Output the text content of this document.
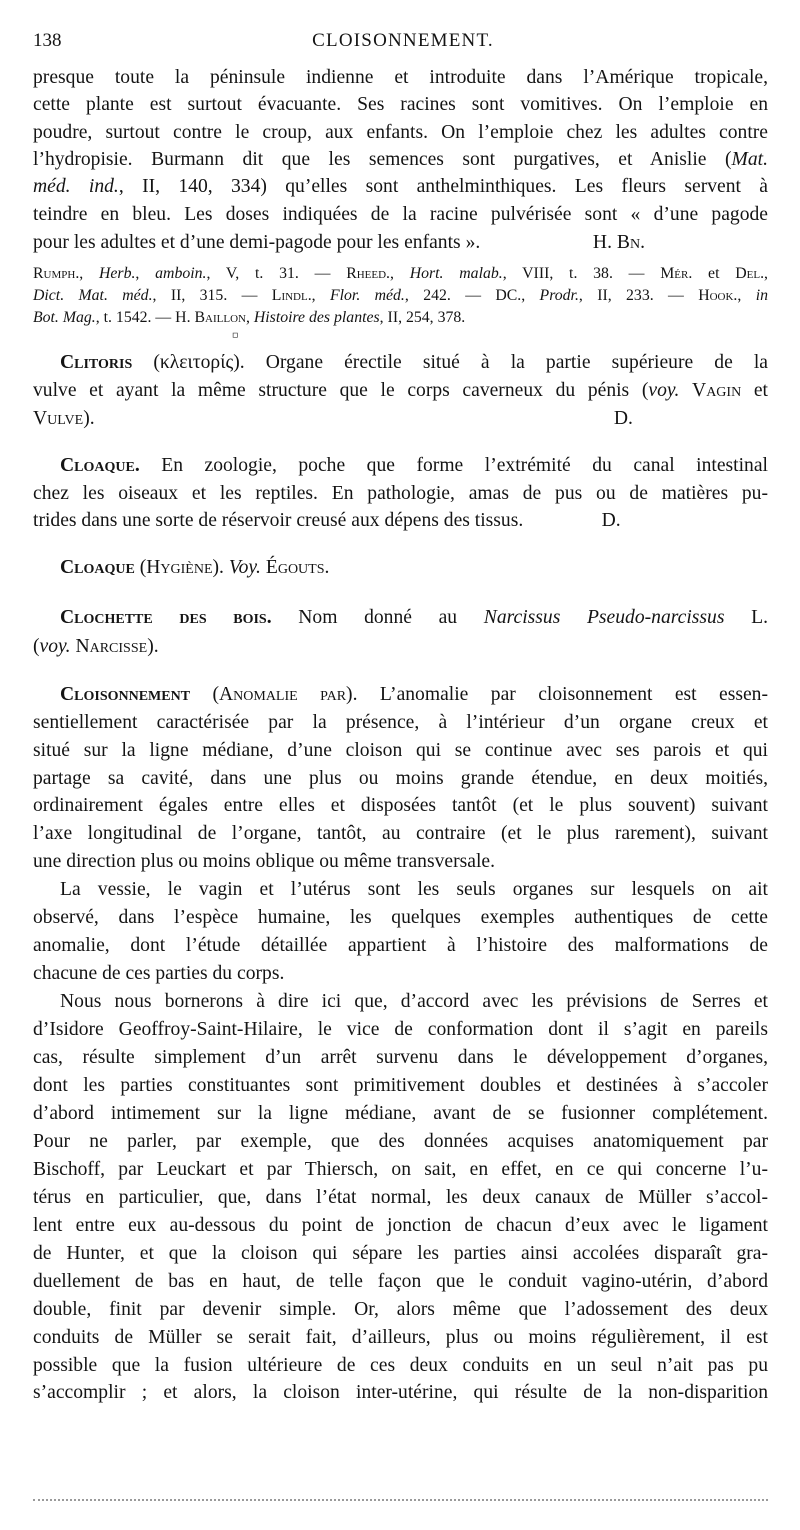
138	CLOISONNEMENT.
presque toute la péninsule indienne et introduite dans l’Amérique tropicale,
cette plante est surtout évacuante. Ses racines sont vomitives. On l’emploie en
poudre, surtout contre le croup, aux enfants. On l’emploie chez les adultes contre
l’hydropisie. Burmann dit que les semences sont purgatives, et Anislie (Mat.
méd. ind., II, 140, 334) qu’elles sont anthelminthiques. Les fleurs servent à
teindre en bleu. Les doses indiquées de la racine pulvérisée sont « d’une pagode
pour les adultes et d’une demi-pagode pour les enfants ».                       H. Bn.
Rumph., Herb., amboin., V, t. 31. — Rheed., Hort. malab., VIII, t. 38. — Mér. et Del.,
Dict. Mat. méd., II, 315. — Lindl., Flor. méd., 242. — DC., Prodr., II, 233. — Hook., in
Bot. Mag., t. 1542. — H. Baillon, Histoire des plantes, II, 254, 378.
Clitoris (κλειτορίς). Organe érectile situé à la partie supérieure de la
vulve et ayant la même structure que le corps caverneux du pénis (voy. Vagin et
Vulve).                                                                                                          D.
Cloaque. En zoologie, poche que forme l’extrémité du canal intestinal
chez les oiseaux et les reptiles. En pathologie, amas de pus ou de matières pu-
trides dans une sorte de réservoir creusé aux dépens des tissus.                D.
Cloaque (Hygiène). Voy. Égouts.
Clochette des bois. Nom donné au Narcissus Pseudo-narcissus L.
(voy. Narcisse).
Cloisonnement (Anomalie par). L’anomalie par cloisonnement est essen-
sentiellement caractérisée par la présence, à l’intérieur d’un organe creux et
situé sur la ligne médiane, d’une cloison qui se continue avec ses parois et qui
partage sa cavité, dans une plus ou moins grande étendue, en deux moitiés,
ordinairement égales entre elles et disposées tantôt (et le plus souvent) suivant
l’axe longitudinal de l’organe, tantôt, au contraire (et le plus rarement), suivant
une direction plus ou moins oblique ou même transversale.
La vessie, le vagin et l’utérus sont les seuls organes sur lesquels on ait
observé, dans l’espèce humaine, les quelques exemples authentiques de cette
anomalie, dont l’étude détaillée appartient à l’histoire des malformations de
chacune de ces parties du corps.
Nous nous bornerons à dire ici que, d’accord avec les prévisions de Serres et
d’Isidore Geoffroy-Saint-Hilaire, le vice de conformation dont il s’agit en pareils
cas, résulte simplement d’un arrêt survenu dans le développement d’organes,
dont les parties constituantes sont primitivement doubles et destinées à s’accoler
d’abord intimement sur la ligne médiane, avant de se fusionner complétement.
Pour ne parler, par exemple, que des données acquises anatomiquement par
Bischoff, par Leuckart et par Thiersch, on sait, en effet, en ce qui concerne l’u-
térus en particulier, que, dans l’état normal, les deux canaux de Müller s’accol-
lent entre eux au-dessous du point de jonction de chacun d’eux avec le ligament
de Hunter, et que la cloison qui sépare les parties ainsi accolées disparaît gra-
duellement de bas en haut, de telle façon que le conduit vagino-utérin, d’abord
double, finit par devenir simple. Or, alors même que l’adossement des deux
conduits de Müller se serait fait, d’ailleurs, plus ou moins régulièrement, il est
possible que la fusion ultérieure de ces deux conduits en un seul n’ait pas pu
s’accomplir ; et alors, la cloison inter-utérine, qui résulte de la non-disparition
⸋
